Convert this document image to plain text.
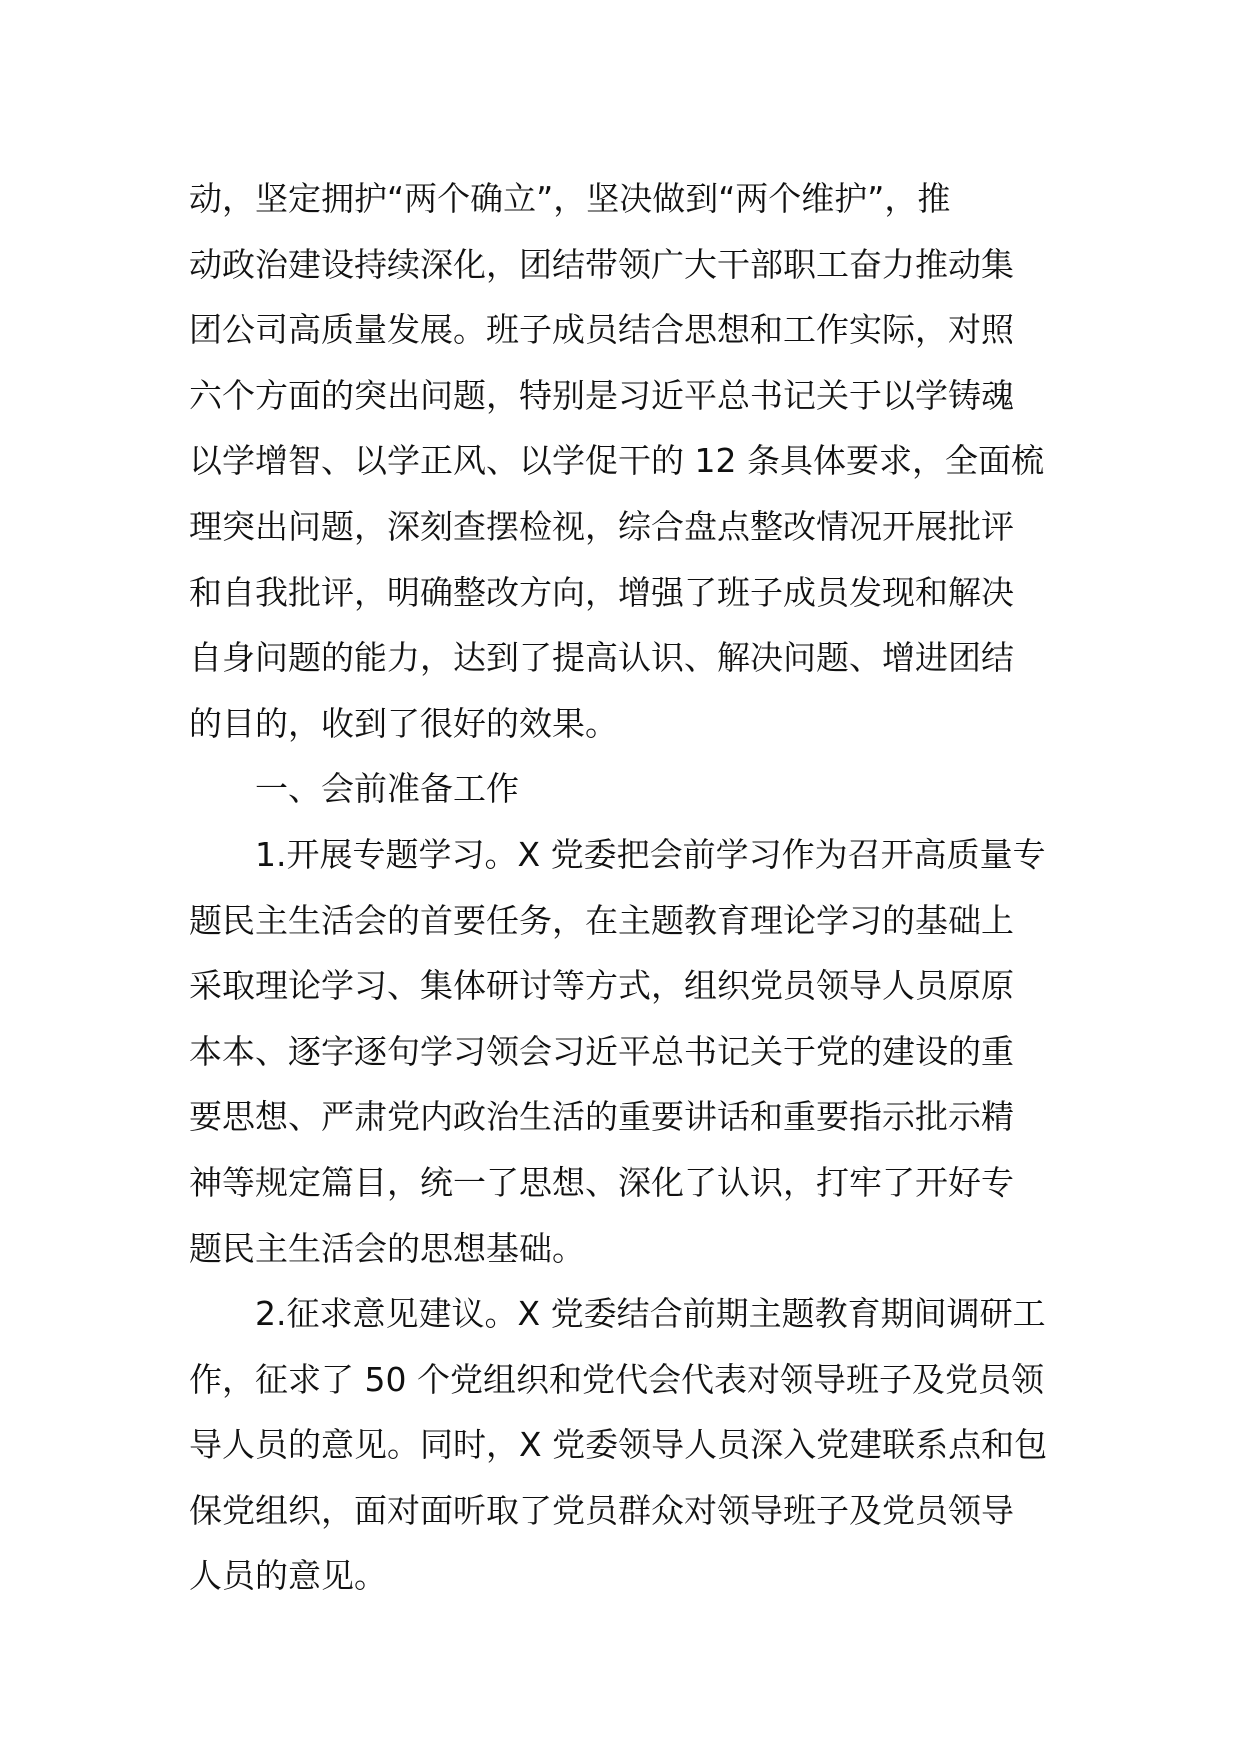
动，坚定拥护“两个确立”，坚决做到“两个维护”，推
动政治建设持续深化，团结带领广大干部职工奋力推动集
团公司高质量发展。班子成员结合思想和工作实际，对照
六个方面的突出问题，特别是习近平总书记关于以学铸魂
以学增智、以学正风、以学促干的 12 条具体要求，全面梳
理突出问题，深刻查摆检视，综合盘点整改情况开展批评
和自我批评，明确整改方向，增强了班子成员发现和解决
自身问题的能力，达到了提高认识、解决问题、增进团结
的目的，收到了很好的效果。
一、会前准备工作
1.开展专题学习。X 党委把会前学习作为召开高质量专
题民主生活会的首要任务，在主题教育理论学习的基础上
采取理论学习、集体研讨等方式，组织党员领导人员原原
本本、逐字逐句学习领会习近平总书记关于党的建设的重
要思想、严肃党内政治生活的重要讲话和重要指示批示精
神等规定篇目，统一了思想、深化了认识，打牢了开好专
题民主生活会的思想基础。
2.征求意见建议。X 党委结合前期主题教育期间调研工
作，征求了 50 个党组织和党代会代表对领导班子及党员领
导人员的意见。同时，X 党委领导人员深入党建联系点和包
保党组织，面对面听取了党员群众对领导班子及党员领导
人员的意见。
